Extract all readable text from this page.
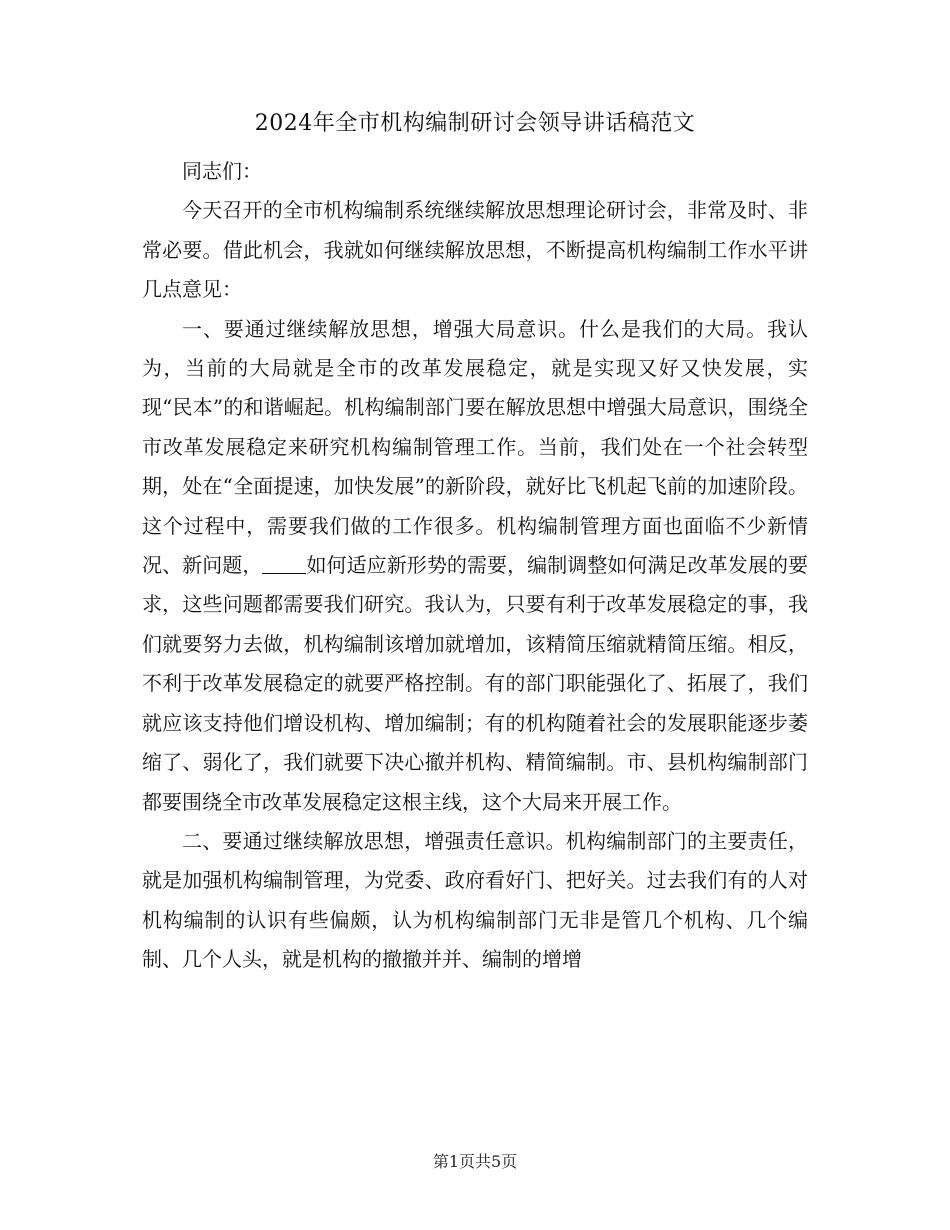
2024年全市机构编制研讨会领导讲话稿范文

同志们：

今天召开的全市机构编制系统继续解放思想理论研讨会，非常及时、非常必要。借此机会，我就如何继续解放思想，不断提高机构编制工作水平讲几点意见：

一、要通过继续解放思想，增强大局意识。什么是我们的大局。我认为，当前的大局就是全市的改革发展稳定，就是实现又好又快发展，实现“民本”的和谐崛起。机构编制部门要在解放思想中增强大局意识，围绕全市改革发展稳定来研究机构编制管理工作。当前，我们处在一个社会转型期，处在“全面提速，加快发展”的新阶段，就好比飞机起飞前的加速阶段。这个过程中，需要我们做的工作很多。机构编制管理方面也面临不少新情况、新问题， 如何适应新形势的需要，编制调整如何满足改革发展的要求，这些问题都需要我们研究。我认为，只要有利于改革发展稳定的事，我们就要努力去做，机构编制该增加就增加，该精简压缩就精简压缩。相反，不利于改革发展稳定的就要严格控制。有的部门职能强化了、拓展了，我们就应该支持他们增设机构、增加编制；有的机构随着社会的发展职能逐步萎缩了、弱化了，我们就要下决心撤并机构、精简编制。市、县机构编制部门都要围绕全市改革发展稳定这根主线，这个大局来开展工作。

二、要通过继续解放思想，增强责任意识。机构编制部门的主要责任，就是加强机构编制管理，为党委、政府看好门、把好关。过去我们有的人对机构编制的认识有些偏颇，认为机构编制部门无非是管几个机构、几个编制、几个人头，就是机构的撤撤并并、编制的增增

第1页共5页
